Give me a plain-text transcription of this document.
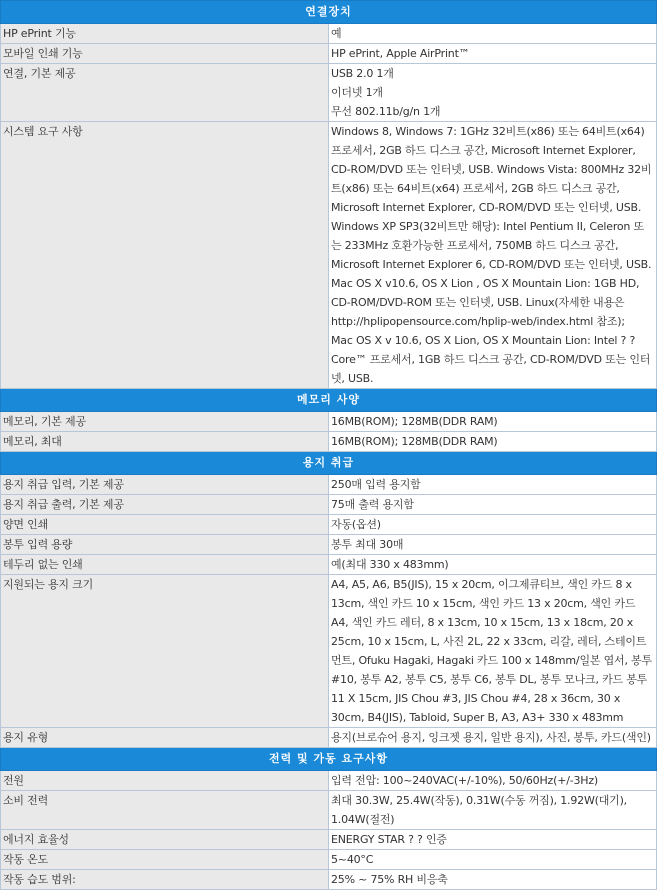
연결장치	
HP ePrint 기능	예

모바일 인쇄 기능	HP ePrint, Apple AirPrint™

연결, 기본 제공	USB 2.0 1개
이더넷 1개
무선 802.11b/g/n 1개

시스템 요구 사항	Windows 8, Windows 7: 1GHz 32비트(x86) 또는 64비트(x64)프로세서, 2GB 하드 디스크 공간, Microsoft Internet Explorer, CD-ROM/DVD 또는 인터넷, USB. Windows Vista: 800MHz 32비트(x86) 또는 64비트(x64) 프로세서, 2GB 하드 디스크 공간, Microsoft Internet Explorer, CD-ROM/DVD 또는 인터넷, USB. Windows XP SP3(32비트만 해당): Intel Pentium II, Celeron 또는 233MHz 호환가능한 프로세서, 750MB 하드 디스크 공간, Microsoft Internet Explorer 6, CD-ROM/DVD 또는 인터넷, USB. Mac OS X v10.6, OS X Lion , OS X Mountain Lion: 1GB HD, CD-ROM/DVD-ROM 또는 인터넷, USB. Linux(자세한 내용은 http://hplipopensource.com/hplip-web/index.html 참조);
Mac OS X v 10.6, OS X Lion, OS X Mountain Lion: Intel ? ? Core™ 프로세서, 1GB 하드 디스크 공간, CD-ROM/DVD 또는 인터넷, USB.

메모리 사양	
메모리, 기본 제공	16MB(ROM); 128MB(DDR RAM)

메모리, 최대	16MB(ROM); 128MB(DDR RAM)

용지 취급	
용지 취급 입력, 기본 제공	250매 입력 용지함

용지 취급 출력, 기본 제공	75매 출력 용지함

양면 인쇄	자동(옵션)

봉투 입력 용량	봉투 최대 30매

테두리 없는 인쇄	예(최대 330 x 483mm)

지원되는 용지 크기	A4, A5, A6, B5(JIS), 15 x 20cm, 이그제큐티브, 색인 카드 8 x 13cm, 색인 카드 10 x 15cm, 색인 카드 13 x 20cm, 색인 카드 A4, 색인 카드 레터, 8 x 13cm, 10 x 15cm, 13 x 18cm, 20 x 25cm, 10 x 15cm, L, 사진 2L, 22 x 33cm, 리갈, 레터, 스테이트먼트, Ofuku Hagaki, Hagaki 카드 100 x 148mm/일본 엽서, 봉투 #10, 봉투 A2, 봉투 C5, 봉투 C6, 봉투 DL, 봉투 모나크, 카드 봉투 11 X 15cm, JIS Chou #3, JIS Chou #4, 28 x 36cm, 30 x 30cm, B4(JIS), Tabloid, Super B, A3, A3+ 330 x 483mm

용지 유형	용지(브로슈어 용지, 잉크젯 용지, 일반 용지), 사진, 봉투, 카드(색인)

전력 및 가동 요구사항	
전원	입력 전압: 100~240VAC(+/-10%), 50/60Hz(+/-3Hz)

소비 전력	최대 30.3W, 25.4W(작동), 0.31W(수동 꺼짐), 1.92W(대기), 1.04W(절전)

에너지 효율성	ENERGY STAR ? ? 인증

작동 온도	5~40°C

작동 습도 범위:	25% ~ 75% RH 비응축
